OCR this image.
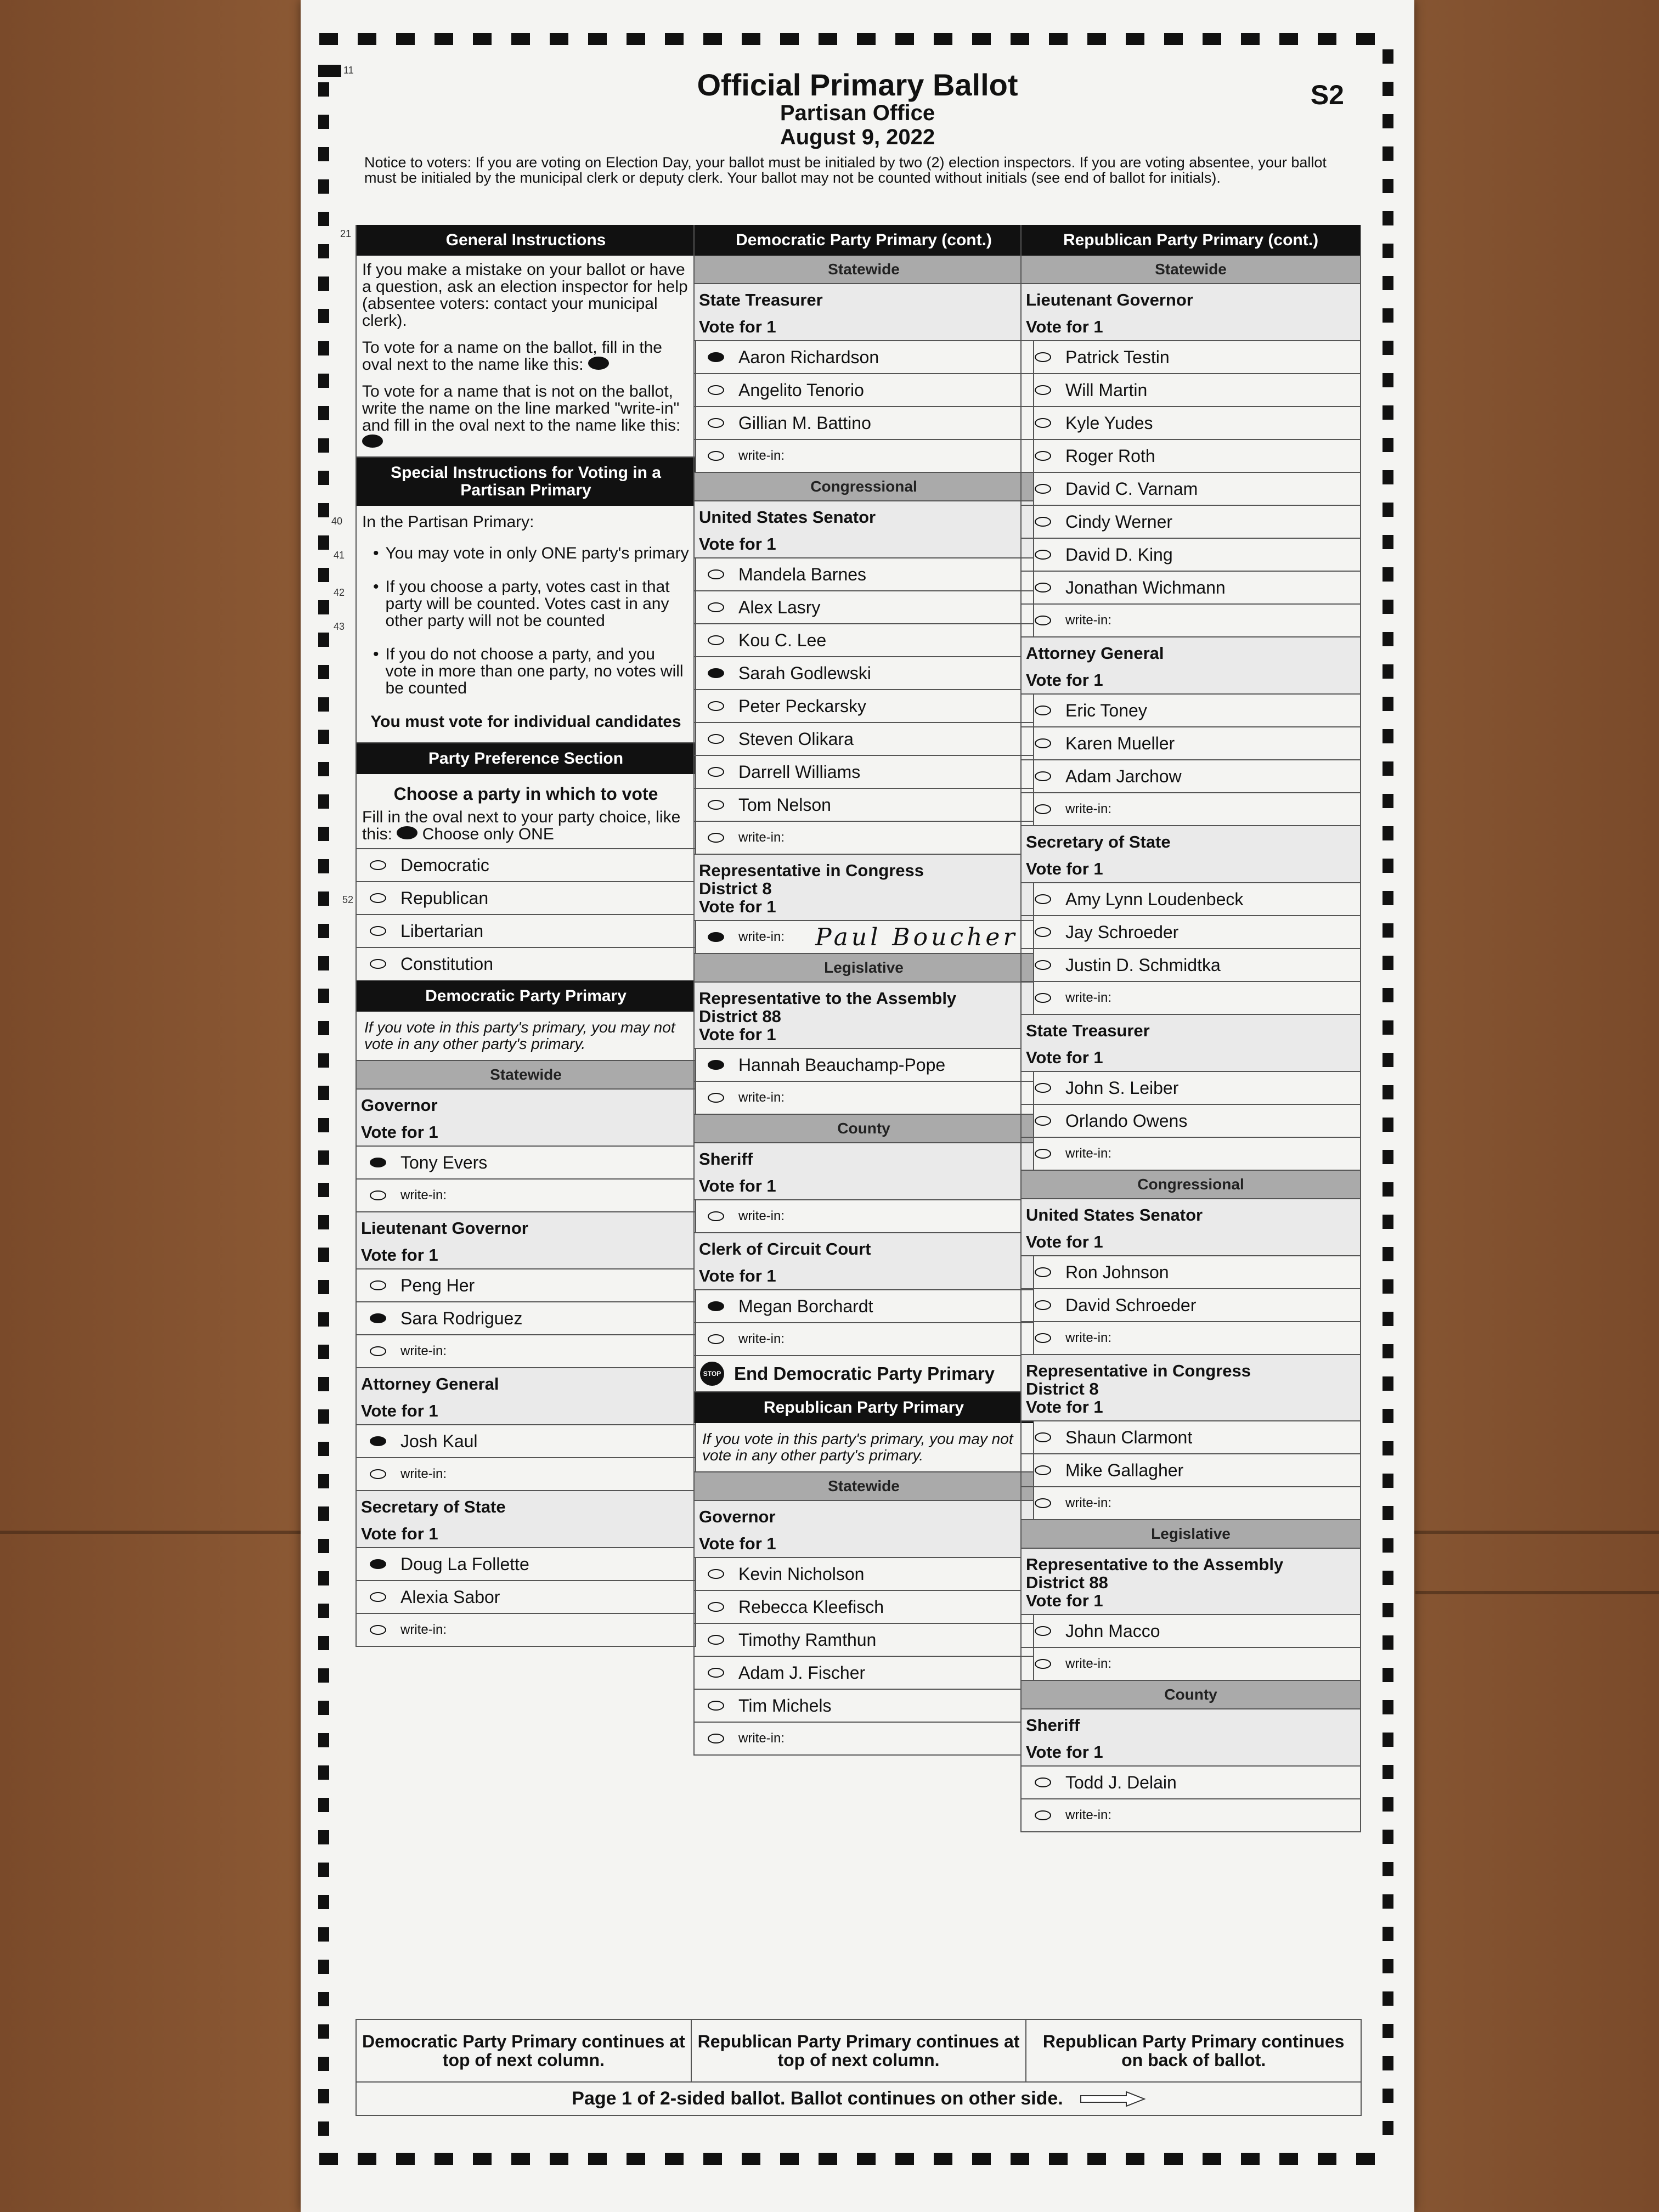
11
21
40
41
42
43
52
Official Primary Ballot
Partisan Office
August 9, 2022
S2
Notice to voters: If you are voting on Election Day, your ballot must be initialed by two (2) election inspectors. If you are voting absentee, your ballot must be initialed by the municipal clerk or deputy clerk. Your ballot may not be counted without initials (see end of ballot for initials).
General Instructions

If you make a mistake on your ballot or have a question, ask an election inspector for help (absentee voters: contact your municipal clerk).

To vote for a name on the ballot, fill in the oval next to the name like this:

To vote for a name that is not on the ballot, write the name on the line marked "write-in" and fill in the oval next to the name like this:

Special Instructions for Voting in a Partisan Primary

In the Partisan Primary:

• You may vote in only ONE party's primary
• If you choose a party, votes cast in that party will be counted. Votes cast in any other party will not be counted
• If you do not choose a party, and you vote in more than one party, no votes will be counted

You must vote for individual candidates

Party Preference Section
Choose a party in which to vote
Fill in the oval next to your party choice, like this: Choose only ONE
Democratic
Republican
Libertarian
Constitution
Democratic Party Primary
If you vote in this party's primary, you may not vote in any other party's primary.
Statewide
Governor
Vote for 1
Tony Evers
write-in:
Lieutenant Governor
Vote for 1
Peng Her
Sara Rodriguez
write-in:
Attorney General
Vote for 1
Josh Kaul
write-in:
Secretary of State
Vote for 1
Doug La Follette
Alexia Sabor
write-in:
Democratic Party Primary (cont.)
Statewide
State Treasurer
Vote for 1
Aaron Richardson
Angelito Tenorio
Gillian M. Battino
write-in:
Congressional
United States Senator
Vote for 1
Mandela Barnes
Alex Lasry
Kou C. Lee
Sarah Godlewski
Peter Peckarsky
Steven Olikara
Darrell Williams
Tom Nelson
write-in:
Representative in Congress
District 8
Vote for 1
write-in: Paul Boucher
Legislative
Representative to the Assembly
District 88
Vote for 1
Hannah Beauchamp-Pope
write-in:
County
Sheriff
Vote for 1
write-in:
Clerk of Circuit Court
Vote for 1
Megan Borchardt
write-in:
STOP End Democratic Party Primary
Republican Party Primary
If you vote in this party's primary, you may not vote in any other party's primary.
Statewide
Governor
Vote for 1
Kevin Nicholson
Rebecca Kleefisch
Timothy Ramthun
Adam J. Fischer
Tim Michels
write-in:
Republican Party Primary (cont.)
Statewide
Lieutenant Governor
Vote for 1
Patrick Testin
Will Martin
Kyle Yudes
Roger Roth
David C. Varnam
Cindy Werner
David D. King
Jonathan Wichmann
write-in:
Attorney General
Vote for 1
Eric Toney
Karen Mueller
Adam Jarchow
write-in:
Secretary of State
Vote for 1
Amy Lynn Loudenbeck
Jay Schroeder
Justin D. Schmidtka
write-in:
State Treasurer
Vote for 1
John S. Leiber
Orlando Owens
write-in:
Congressional
United States Senator
Vote for 1
Ron Johnson
David Schroeder
write-in:
Representative in Congress
District 8
Vote for 1
Shaun Clarmont
Mike Gallagher
write-in:
Legislative
Representative to the Assembly
District 88
Vote for 1
John Macco
write-in:
County
Sheriff
Vote for 1
Todd J. Delain
write-in:
Democratic Party Primary continues at top of next column.
Republican Party Primary continues at top of next column.
Republican Party Primary continues on back of ballot.
Page 1 of 2-sided ballot. Ballot continues on other side.
